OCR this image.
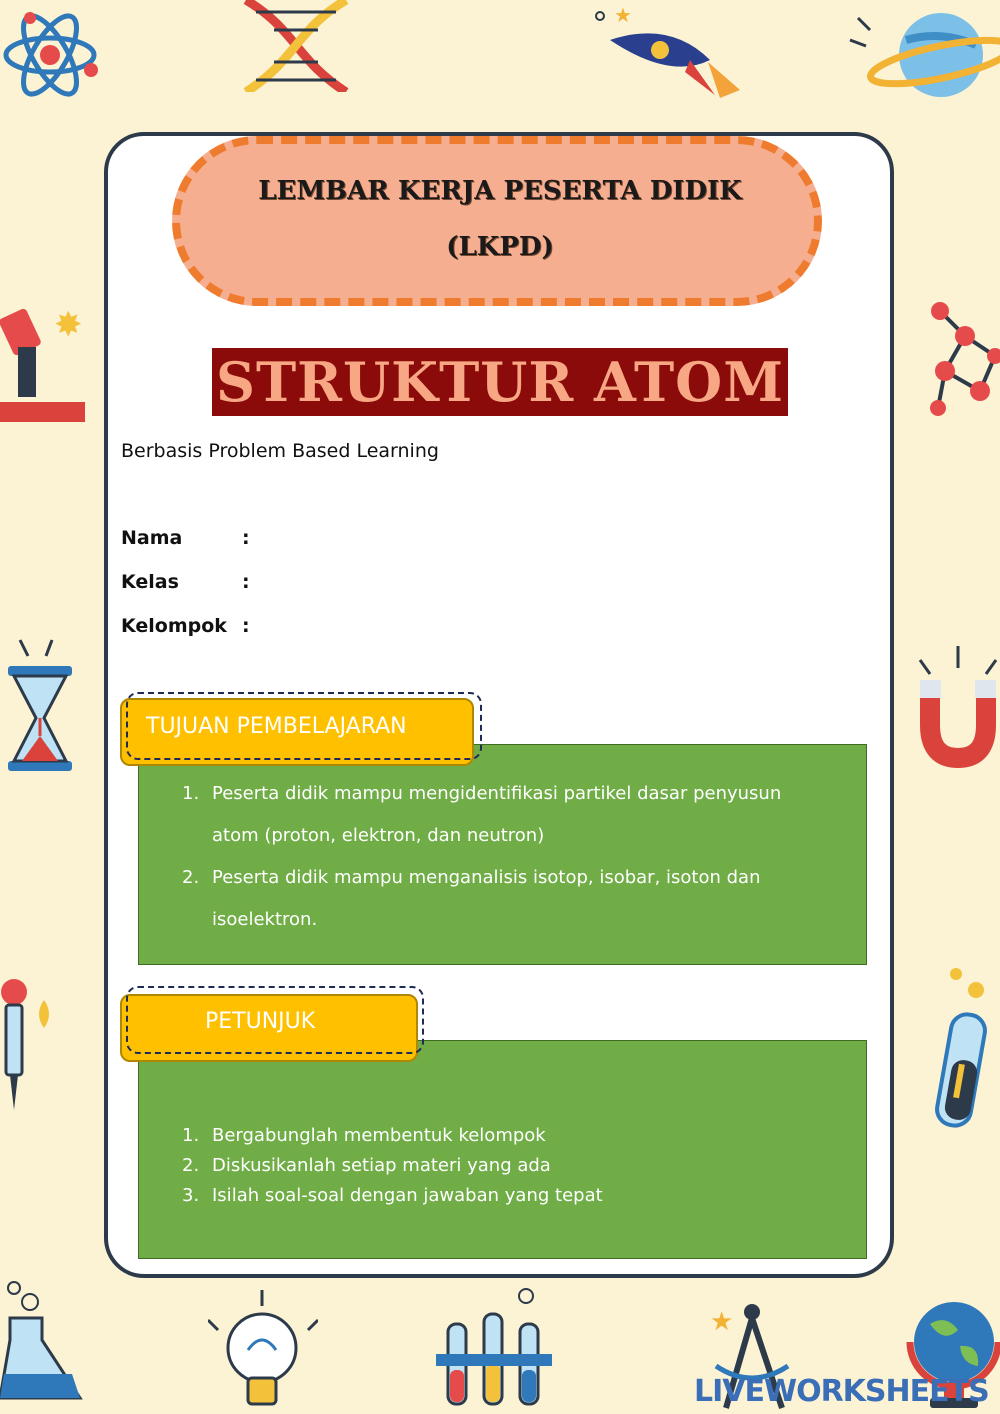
★
✸
★
LEMBAR KERJA PESERTA DIDIK
(LKPD)
STRUKTUR ATOM
Berbasis Problem Based Learning
Nama	:
Kelas	:
Kelompok :
TUJUAN PEMBELAJARAN
1. Peserta didik mampu mengidentifikasi partikel dasar penyusun
atom (proton, elektron, dan neutron)
2. Peserta didik mampu menganalisis isotop, isobar, isoton dan
isoelektron.
PETUNJUK
1. Bergabunglah membentuk kelompok
2. Diskusikanlah setiap materi yang ada
3. Isilah soal-soal dengan jawaban yang tepat
LIVEWORKSHEETS
